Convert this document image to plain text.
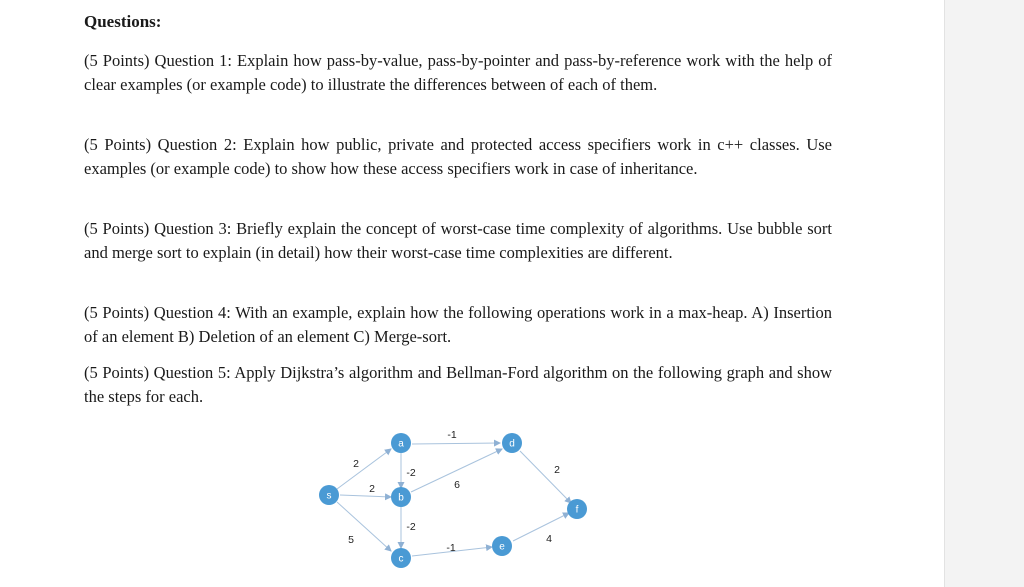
Questions:
(5 Points) Question 1: Explain how pass-by-value, pass-by-pointer and pass-by-reference work with the help of clear examples (or example code) to illustrate the differences between of each of them.
(5 Points) Question 2: Explain how public, private and protected access specifiers work in c++ classes. Use examples (or example code) to show how these access specifiers work in case of inheritance.
(5 Points) Question 3: Briefly explain the concept of worst-case time complexity of algorithms. Use bubble sort and merge sort to explain (in detail) how their worst-case time complexities are different.
(5 Points) Question 4: With an example, explain how the following operations work in a max-heap. A) Insertion of an element B) Deletion of an element C) Merge-sort.
(5 Points) Question 5: Apply Dijkstra’s algorithm and Bellman-Ford algorithm on the following graph and show the steps for each.
s
a
b
c
d
e
f
2
2
5
-2
-1
-2
6
-1
2
4
